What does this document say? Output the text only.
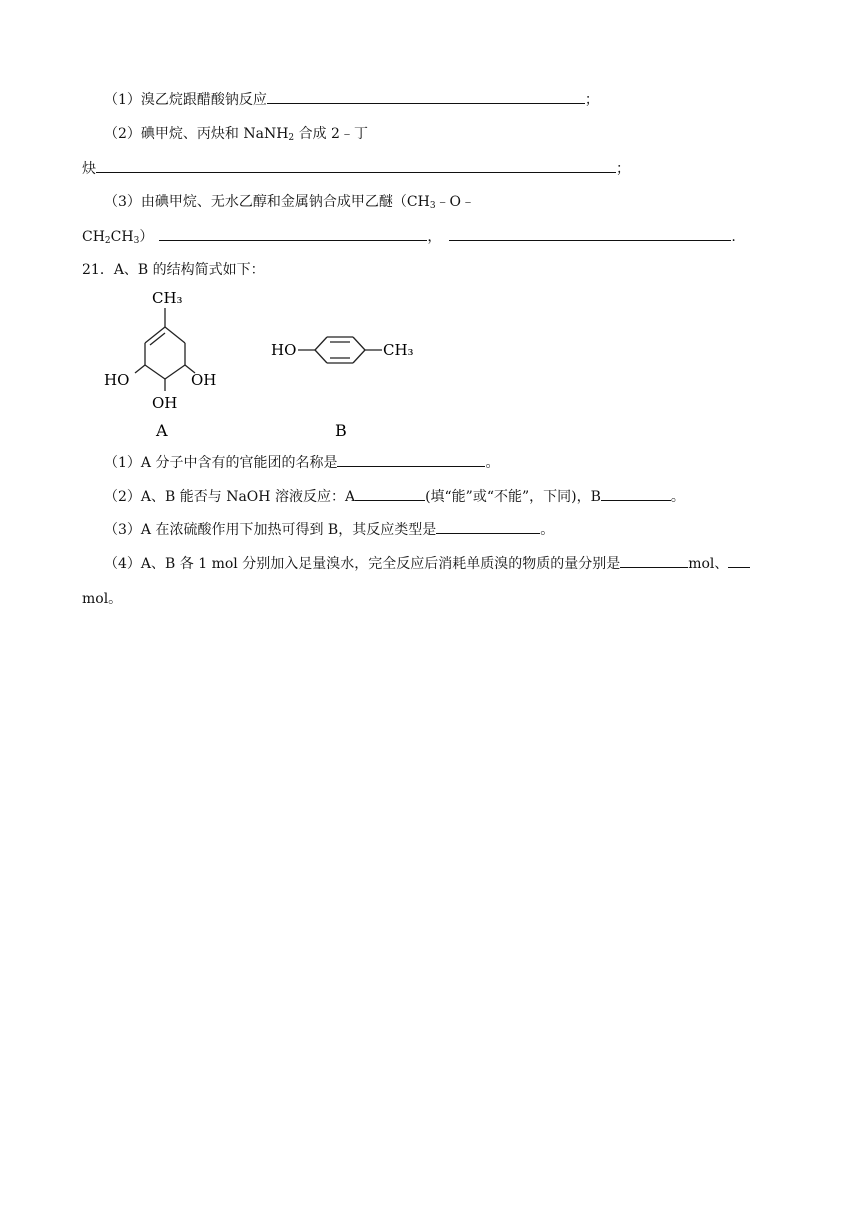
（1）溴乙烷跟醋酸钠反应	；
（2）碘甲烷、丙炔和 NaNH$_2$ 合成 2﹣丁
炔	；
（3）由碘甲烷、无水乙醇和金属钠合成甲乙醚（$CH_3﹣O﹣$
$CH_2CH_3$）	，	.
21．A、B 的结构简式如下：
CH₃
HO	OH
OH
A
HO	CH₃
B
（1）A 分子中含有的官能团的名称是	。
（2）A、B 能否与 NaOH 溶液反应：A	(填“能”或“不能”，下同)，B	。
（3）A 在浓硫酸作用下加热可得到 B，其反应类型是	。
（4）A、B 各 1 mol 分别加入足量溴水，完全反应后消耗单质溴的物质的量分别是	mol、
mol。
